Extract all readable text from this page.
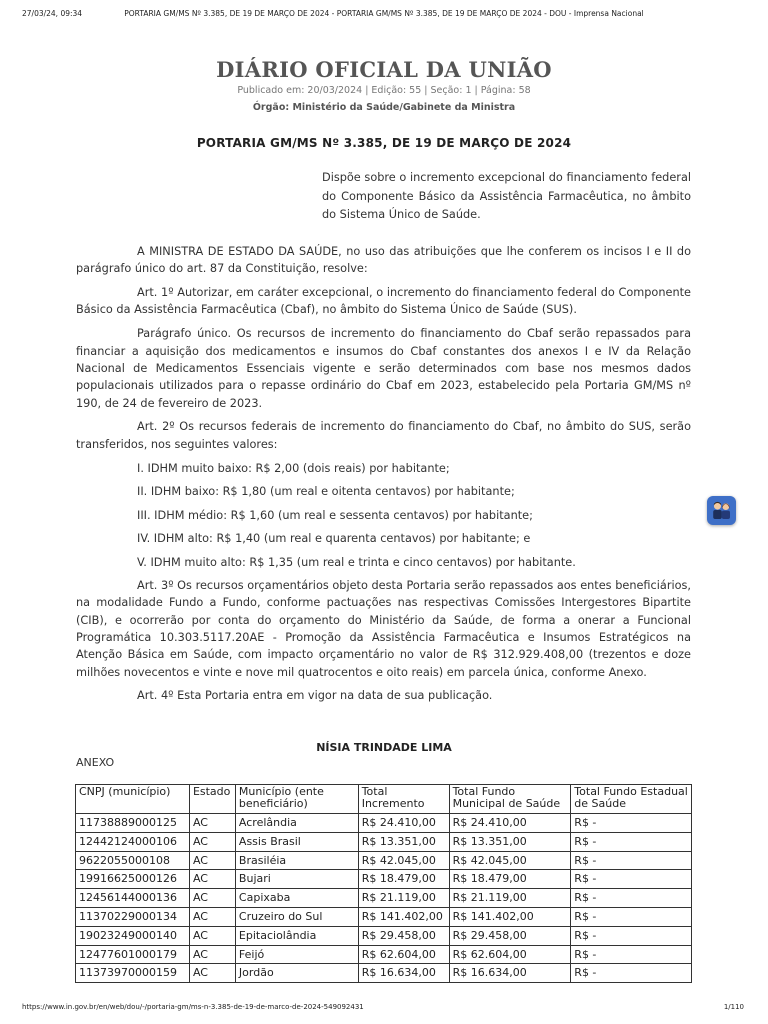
27/03/24, 09:34	PORTARIA GM/MS Nº 3.385, DE 19 DE MARÇO DE 2024 - PORTARIA GM/MS Nº 3.385, DE 19 DE MARÇO DE 2024 - DOU - Imprensa Nacional
DIÁRIO OFICIAL DA UNIÃO
Publicado em: 20/03/2024 | Edição: 55 | Seção: 1 | Página: 58
Órgão: Ministério da Saúde/Gabinete da Ministra
PORTARIA GM/MS Nº 3.385, DE 19 DE MARÇO DE 2024
Dispõe sobre o incremento excepcional do financiamento federal do Componente Básico da Assistência Farmacêutica, no âmbito do Sistema Único de Saúde.

A MINISTRA DE ESTADO DA SAÚDE, no uso das atribuições que lhe conferem os incisos I e II do parágrafo único do art. 87 da Constituição, resolve:

Art. 1º Autorizar, em caráter excepcional, o incremento do financiamento federal do Componente Básico da Assistência Farmacêutica (Cbaf), no âmbito do Sistema Único de Saúde (SUS).

Parágrafo único. Os recursos de incremento do financiamento do Cbaf serão repassados para financiar a aquisição dos medicamentos e insumos do Cbaf constantes dos anexos I e IV da Relação Nacional de Medicamentos Essenciais vigente e serão determinados com base nos mesmos dados populacionais utilizados para o repasse ordinário do Cbaf em 2023, estabelecido pela Portaria GM/MS nº 190, de 24 de fevereiro de 2023.

Art. 2º Os recursos federais de incremento do financiamento do Cbaf, no âmbito do SUS, serão transferidos, nos seguintes valores:

I. IDHM muito baixo: R$ 2,00 (dois reais) por habitante;

II. IDHM baixo: R$ 1,80 (um real e oitenta centavos) por habitante;

III. IDHM médio: R$ 1,60 (um real e sessenta centavos) por habitante;

IV. IDHM alto: R$ 1,40 (um real e quarenta centavos) por habitante; e

V. IDHM muito alto: R$ 1,35 (um real e trinta e cinco centavos) por habitante.

Art. 3º Os recursos orçamentários objeto desta Portaria serão repassados aos entes beneficiários, na modalidade Fundo a Fundo, conforme pactuações nas respectivas Comissões Intergestores Bipartite (CIB), e ocorrerão por conta do orçamento do Ministério da Saúde, de forma a onerar a Funcional Programática 10.303.5117.20AE - Promoção da Assistência Farmacêutica e Insumos Estratégicos na Atenção Básica em Saúde, com impacto orçamentário no valor de R$ 312.929.408,00 (trezentos e doze milhões novecentos e vinte e nove mil quatrocentos e oito reais) em parcela única, conforme Anexo.

Art. 4º Esta Portaria entra em vigor na data de sua publicação.

NÍSIA TRINDADE LIMA
ANEXO
CNPJ (município)	Estado	Município (ente beneficiário)	Total Incremento	Total Fundo Municipal de Saúde	Total Fundo Estadual de Saúde
11738889000125	AC	Acrelândia	R$ 24.410,00	R$ 24.410,00	R$ -
12442124000106	AC	Assis Brasil	R$ 13.351,00	R$ 13.351,00	R$ -
9622055000108	AC	Brasiléia	R$ 42.045,00	R$ 42.045,00	R$ -
19916625000126	AC	Bujari	R$ 18.479,00	R$ 18.479,00	R$ -
12456144000136	AC	Capixaba	R$ 21.119,00	R$ 21.119,00	R$ -
11370229000134	AC	Cruzeiro do Sul	R$ 141.402,00	R$ 141.402,00	R$ -
19023249000140	AC	Epitaciolândia	R$ 29.458,00	R$ 29.458,00	R$ -
12477601000179	AC	Feijó	R$ 62.604,00	R$ 62.604,00	R$ -
11373970000159	AC	Jordão	R$ 16.634,00	R$ 16.634,00	R$ -
https://www.in.gov.br/en/web/dou/-/portaria-gm/ms-n-3.385-de-19-de-marco-de-2024-549092431	1/110
